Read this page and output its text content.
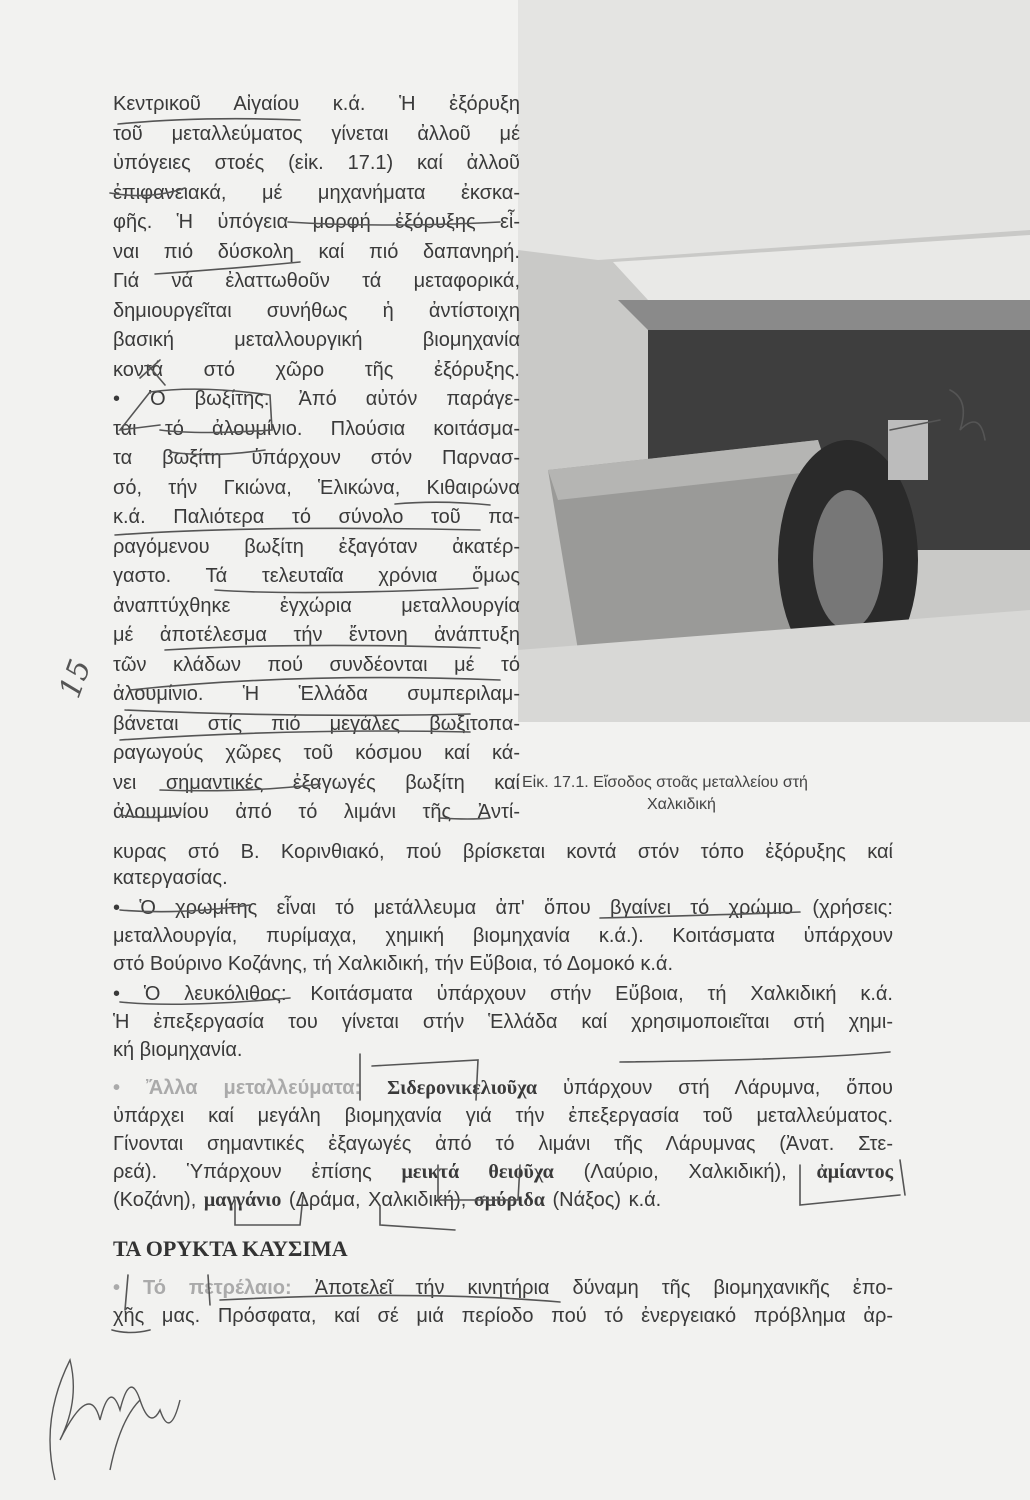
Κεντρικοῦ Αἰγαίου κ.ά. Ἡ ἐξόρυξη
τοῦ μεταλλεύματος γίνεται ἀλλοῦ μέ
ὑπόγειες στοές (εἰκ. 17.1) καί ἀλλοῦ
ἐπιφανειακά, μέ μηχανήματα ἐκσκα-
φῆς. Ἡ ὑπόγεια μορφή ἐξόρυξης εἶ-
ναι πιό δύσκολη καί πιό δαπανηρή.
Γιά νά ἐλαττωθοῦν τά μεταφορικά,
δημιουργεῖται συνήθως ἡ ἀντίστοιχη
βασική μεταλλουργική βιομηχανία
κοντά στό χῶρο τῆς ἐξόρυξης.
• Ὁ βωξίτης. Ἀπό αὐτόν παράγε-
ται τό ἀλουμίνιο. Πλούσια κοιτάσμα-
τα βωξίτη ὑπάρχουν στόν Παρνασ-
σό, τήν Γκιώνα, Ἑλικώνα, Κιθαιρώνα
κ.ά. Παλιότερα τό σύνολο τοῦ πα-
ραγόμενου βωξίτη ἐξαγόταν ἀκατέρ-
γαστο. Τά τελευταῖα χρόνια ὅμως
ἀναπτύχθηκε ἐγχώρια μεταλλουργία
μέ ἀποτέλεσμα τήν ἔντονη ἀνάπτυξη
τῶν κλάδων πού συνδέονται μέ τό
ἀλουμίνιο. Ἡ Ἑλλάδα συμπεριλαμ-
βάνεται στίς πιό μεγάλες βωξιτοπα-
ραγωγούς χῶρες τοῦ κόσμου καί κά-
νει σημαντικές ἐξαγωγές βωξίτη καί
ἀλουμινίου ἀπό τό λιμάνι τῆς Ἀντί-
Εἰκ. 17.1. Εἴσοδος στοᾶς μεταλλείου στή
Χαλκιδική
κυρας στό Β. Κορινθιακό, πού βρίσκεται κοντά στόν τόπο ἐξόρυξης καί
κατεργασίας.
• Ὁ χρωμίτης εἶναι τό μετάλλευμα ἀπ' ὅπου βγαίνει τό χρώμιο (χρήσεις:
μεταλλουργία, πυρίμαχα, χημική βιομηχανία κ.ά.). Κοιτάσματα ὑπάρχουν
στό Βούρινο Κοζάνης, τή Χαλκιδική, τήν Εὔβοια, τό Δομοκό κ.ά.
• Ὁ λευκόλιθος: Κοιτάσματα ὑπάρχουν στήν Εὔβοια, τή Χαλκιδική κ.ά.
Ἡ ἐπεξεργασία του γίνεται στήν Ἑλλάδα καί χρησιμοποιεῖται στή χημι-
κή βιομηχανία.
• Ἄλλα μεταλλεύματα: Σιδερονικελιοῦχα ὑπάρχουν στή Λάρυμνα, ὅπου
ὑπάρχει καί μεγάλη βιομηχανία γιά τήν ἐπεξεργασία τοῦ μεταλλεύματος.
Γίνονται σημαντικές ἐξαγωγές ἀπό τό λιμάνι τῆς Λάρυμνας (Ἀνατ. Στε-
ρεά). Ὑπάρχουν ἐπίσης μεικτά θειοῦχα (Λαύριο, Χαλκιδική), ἀμίαντος
(Κοζάνη), μαγγάνιο (Δράμα, Χαλκιδική), σμύριδα (Νάξος) κ.ά.
ΤΑ ΟΡΥΚΤΑ ΚΑΥΣΙΜΑ
• Τό πετρέλαιο: Ἀποτελεῖ τήν κινητήρια δύναμη τῆς βιομηχανικῆς ἐπο-
χῆς μας. Πρόσφατα, καί σέ μιά περίοδο πού τό ἐνεργειακό πρόβλημα ἀρ-
15
